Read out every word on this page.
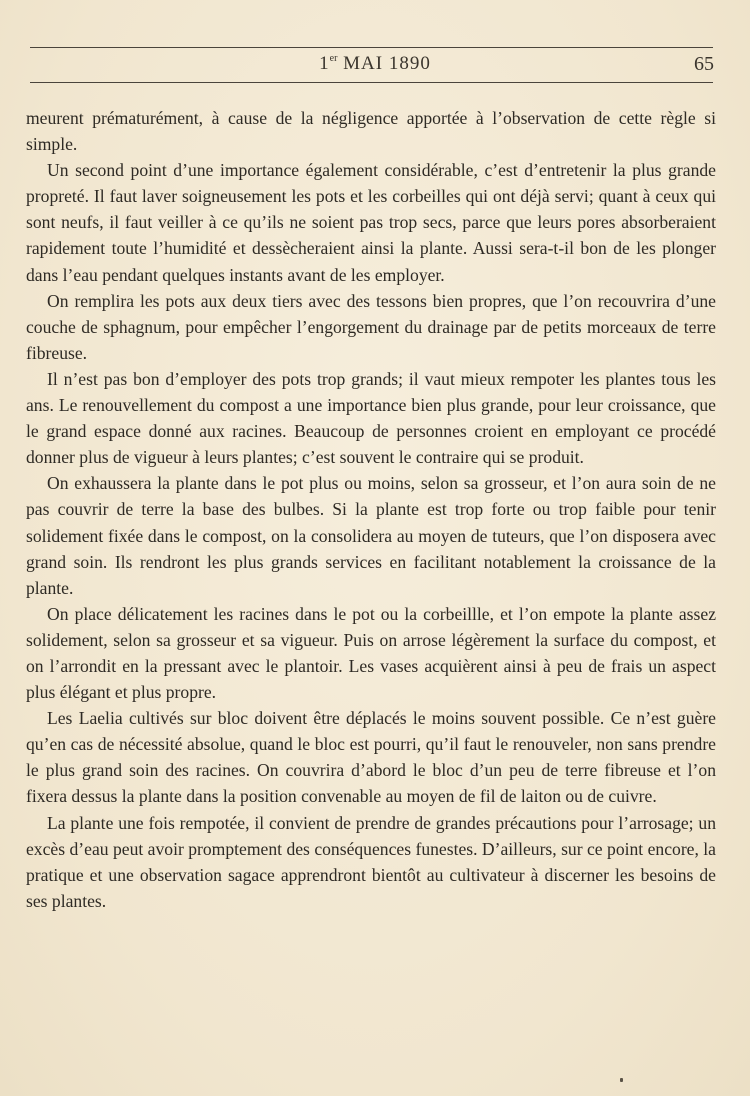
1er MAI 1890	65

meurent prématurément, à cause de la négligence apportée à l’observation de cette règle si simple.

Un second point d’une importance également considérable, c’est d’entretenir la plus grande propreté. Il faut laver soigneusement les pots et les corbeilles qui ont déjà servi; quant à ceux qui sont neufs, il faut veiller à ce qu’ils ne soient pas trop secs, parce que leurs pores absorberaient rapidement toute l’humidité et dessècheraient ainsi la plante. Aussi sera-t-il bon de les plonger dans l’eau pendant quelques instants avant de les employer.

On remplira les pots aux deux tiers avec des tessons bien propres, que l’on recouvrira d’une couche de sphagnum, pour empêcher l’engorgement du drainage par de petits morceaux de terre fibreuse.

Il n’est pas bon d’employer des pots trop grands; il vaut mieux rempoter les plantes tous les ans. Le renouvellement du compost a une importance bien plus grande, pour leur croissance, que le grand espace donné aux racines. Beaucoup de personnes croient en employant ce procédé donner plus de vigueur à leurs plantes; c’est souvent le contraire qui se produit.

On exhaussera la plante dans le pot plus ou moins, selon sa grosseur, et l’on aura soin de ne pas couvrir de terre la base des bulbes. Si la plante est trop forte ou trop faible pour tenir solidement fixée dans le compost, on la consolidera au moyen de tuteurs, que l’on disposera avec grand soin. Ils rendront les plus grands services en facilitant notablement la croissance de la plante.

On place délicatement les racines dans le pot ou la corbeillle, et l’on empote la plante assez solidement, selon sa grosseur et sa vigueur. Puis on arrose légèrement la surface du compost, et on l’arrondit en la pressant avec le plantoir. Les vases acquièrent ainsi à peu de frais un aspect plus élégant et plus propre.

Les Laelia cultivés sur bloc doivent être déplacés le moins souvent possible. Ce n’est guère qu’en cas de nécessité absolue, quand le bloc est pourri, qu’il faut le renouveler, non sans prendre le plus grand soin des racines. On couvrira d’abord le bloc d’un peu de terre fibreuse et l’on fixera dessus la plante dans la position convenable au moyen de fil de laiton ou de cuivre.

La plante une fois rempotée, il convient de prendre de grandes précautions pour l’arrosage; un excès d’eau peut avoir promptement des conséquences funestes. D’ailleurs, sur ce point encore, la pratique et une observation sagace apprendront bientôt au cultivateur à discerner les besoins de ses plantes.
